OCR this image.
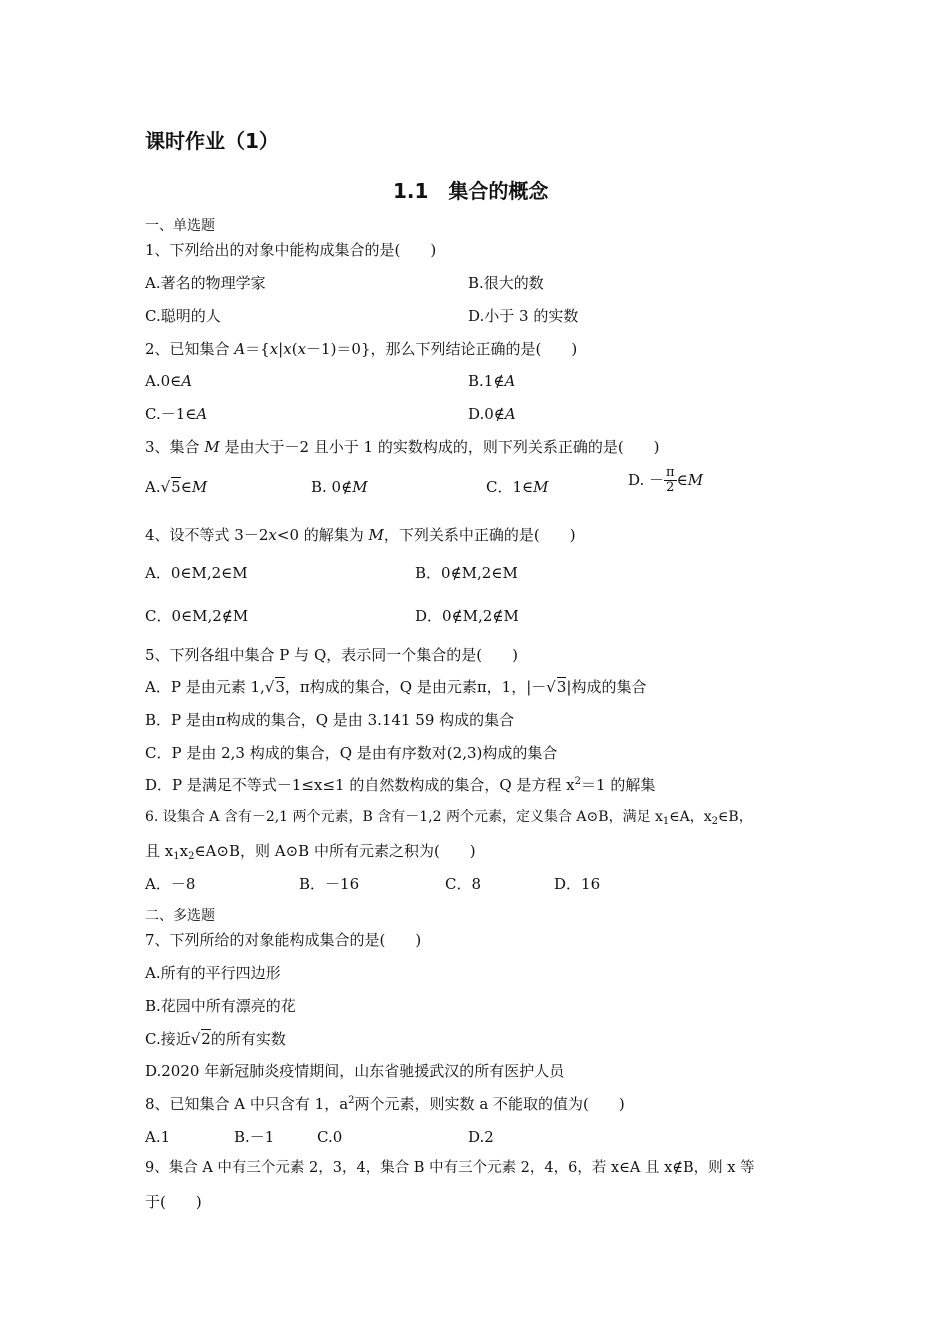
课时作业（1）
1.1　集合的概念
一、单选题
1、下列给出的对象中能构成集合的是(　　)
A.著名的物理学家	B.很大的数
C.聪明的人	D.小于 3 的实数
2、已知集合 A＝{x|x(x－1)＝0}，那么下列结论正确的是(　　)
A.0∈A	B.1∉A
C.－1∈A	D.0∉A
3、集合 M 是由大于－2 且小于 1 的实数构成的，则下列关系正确的是(　　)
A.√5∈M	B. 0∉M	C．1∈M	D. － $\frac{\pi}{2}$ ∈M
4、设不等式 3－2x<0 的解集为 M，下列关系中正确的是(　　)
A．0∈M,2∈M	B．0∉M,2∈M
C．0∈M,2∉M	D．0∉M,2∉M
5、下列各组中集合 P 与 Q，表示同一个集合的是(　　)
A．P 是由元素 1,√3，π构成的集合，Q 是由元素π，1，|－√3|构成的集合
B．P 是由π构成的集合，Q 是由 3.141 59 构成的集合
C．P 是由 2,3 构成的集合，Q 是由有序数对(2,3)构成的集合
D．P 是满足不等式－1≤x≤1 的自然数构成的集合，Q 是方程 $x^2=1$ 的解集
6. 设集合 A 含有－2,1 两个元素，B 含有－1,2 两个元素，定义集合 A⊙B，满足 $x_1\in A$，$x_2\in B$，
且 $x_1x_2\in A⊙B$，则 A⊙B 中所有元素之积为(　　)
A．－8	B．－16	C．8	D．16
二、多选题
7、下列所给的对象能构成集合的是(　　)
A.所有的平行四边形
B.花园中所有漂亮的花
C.接近√2的所有实数
D.2020 年新冠肺炎疫情期间，山东省驰援武汉的所有医护人员
8、已知集合 A 中只含有 1，$a^2$两个元素，则实数 a 不能取的值为(　　)
A.1	B.－1	C.0	D.2
9、集合 A 中有三个元素 2，3，4，集合 B 中有三个元素 2，4，6，若 x∈A 且 x∉B，则 x 等
于(　　)
